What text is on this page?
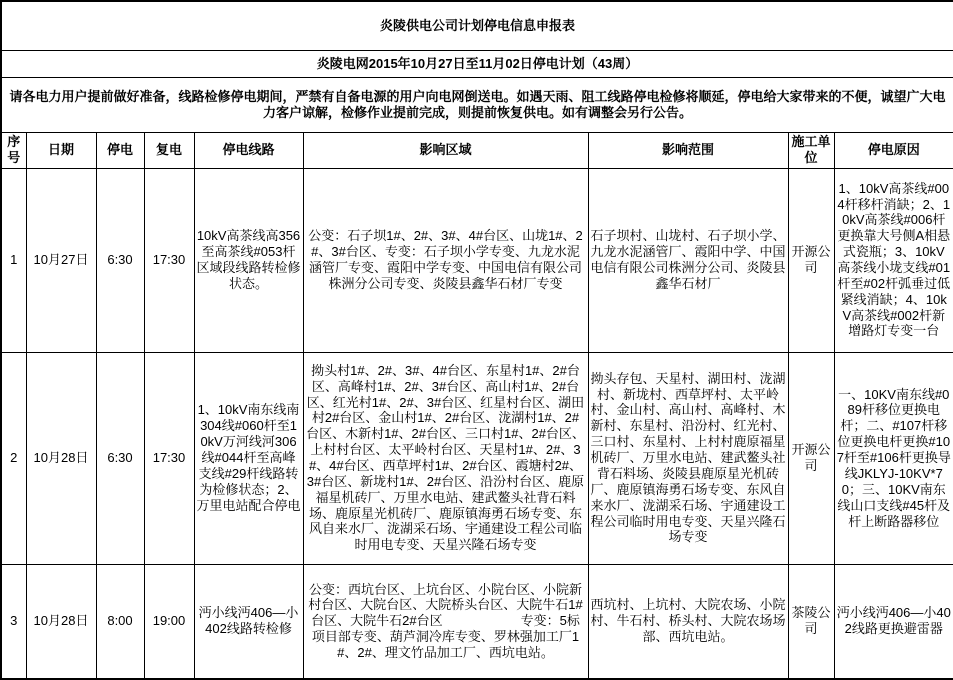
炎陵供电公司计划停电信息申报表								
炎陵电网2015年10月27日至11月02日停电计划（43周）								
请各电力用户提前做好准备，线路检修停电期间，严禁有自备电源的用户向电网倒送电。如遇天雨、阻工线路停电检修将顺延，停电给大家带来的不便，诚望广大电力客户谅解，检修作业提前完成，则提前恢复供电。如有调整会另行公告。								
序号	日期	停电	复电	停电线路	影响区域	影响范围	施工单位	停电原因
1	10月27日	6:30	17:30	10kV高茶线高356至高茶线#053杆区域段线路转检修状态。	公变：石子坝1#、2#、3#、4#台区、山垅1#、2#、3#台区、专变：石子坝小学专变、九龙水泥涵管厂专变、霞阳中学专变、中国电信有限公司株洲分公司专变、炎陵县鑫华石材厂专变	石子坝村、山垅村、石子坝小学、九龙水泥涵管厂、霞阳中学、中国电信有限公司株洲分公司、炎陵县鑫华石材厂	开源公司	1、10kV高茶线#004杆移杆消缺；2、10kV高茶线#006杆更换靠大号侧A相悬式瓷瓶；3、10kV高茶线小垅支线#01杆至#02杆弧垂过低紧线消缺；4、10kV高茶线#002杆新增路灯专变一台
2	10月28日	6:30	17:30	1、10kV南东线南304线#060杆至10kV万河线河306线#044杆至高峰支线#29杆线路转为检修状态；2、万里电站配合停电	拗头村1#、2#、3#、4#台区、东星村1#、2#台区、高峰村1#、2#、3#台区、高山村1#、2#台区、红光村1#、2#、3#台区、红星村台区、湖田村2#台区、金山村1#、2#台区、泷湖村1#、2#台区、木新村1#、2#台区、三口村1#、2#台区、上村村台区、太平岭村台区、天星村1#、2#、3#、4#台区、西草坪村1#、2#台区、霞塘村2#、3#台区、新垅村1#、2#台区、沿汾村台区、鹿原福星机砖厂、万里水电站、建武鳌头社背石料场、鹿原星光机砖厂、鹿原镇海勇石场专变、东风自来水厂、泷湖采石场、宇通建设工程公司临时用电专变、天星兴隆石场专变	拗头存包、天星村、湖田村、泷湖村、新垅村、西草坪村、太平岭村、金山村、高山村、高峰村、木新村、东星村、沿汾村、红光村、三口村、东星村、上村村鹿原福星机砖厂、万里水电站、建武鳌头社背石料场、炎陵县鹿原星光机砖厂、鹿原镇海勇石场专变、东风自来水厂、泷湖采石场、宇通建设工程公司临时用电专变、天星兴隆石场专变	开源公司	一、10KV南东线#089杆移位更换电杆；二、#107杆移位更换电杆更换#107杆至#106杆更换导线JKLYJ-10KV*70；三、10KV南东线山口支线#45杆及杆上断路器移位
3	10月28日	8:00	19:00	沔小线沔406—小402线路转检修	公变：西坑台区、上坑台区、小院台区、小院新村台区、大院台区、大院桥头台区、大院牛石1#台区、大院牛石2#台区　　　　　　专变：5标项目部专变、葫芦洞冷库专变、罗林强加工厂1#、2#、理文竹品加工厂、西坑电站。	西坑村、上坑村、大院农场、小院村、牛石村、桥头村、大院农场场部、西坑电站。	茶陵公司	沔小线沔406—小402线路更换避雷器
